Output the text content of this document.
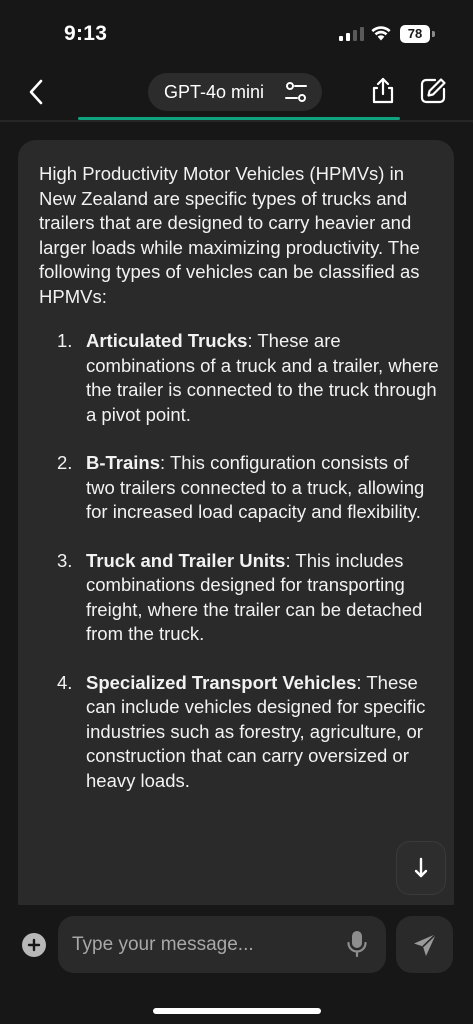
9:13	78
GPT-4o mini

High Productivity Motor Vehicles (HPMVs) in New Zealand are specific types of trucks and trailers that are designed to carry heavier and larger loads while maximizing productivity. The following types of vehicles can be classified as HPMVs:

1. Articulated Trucks: These are combinations of a truck and a trailer, where the trailer is connected to the truck through a pivot point.
2. B-Trains: This configuration consists of two trailers connected to a truck, allowing for increased load capacity and flexibility.
3. Truck and Trailer Units: This includes combinations designed for transporting freight, where the trailer can be detached from the truck.
4. Specialized Transport Vehicles: These can include vehicles designed for specific industries such as forestry, agriculture, or construction that can carry oversized or heavy loads.
Type your message...
